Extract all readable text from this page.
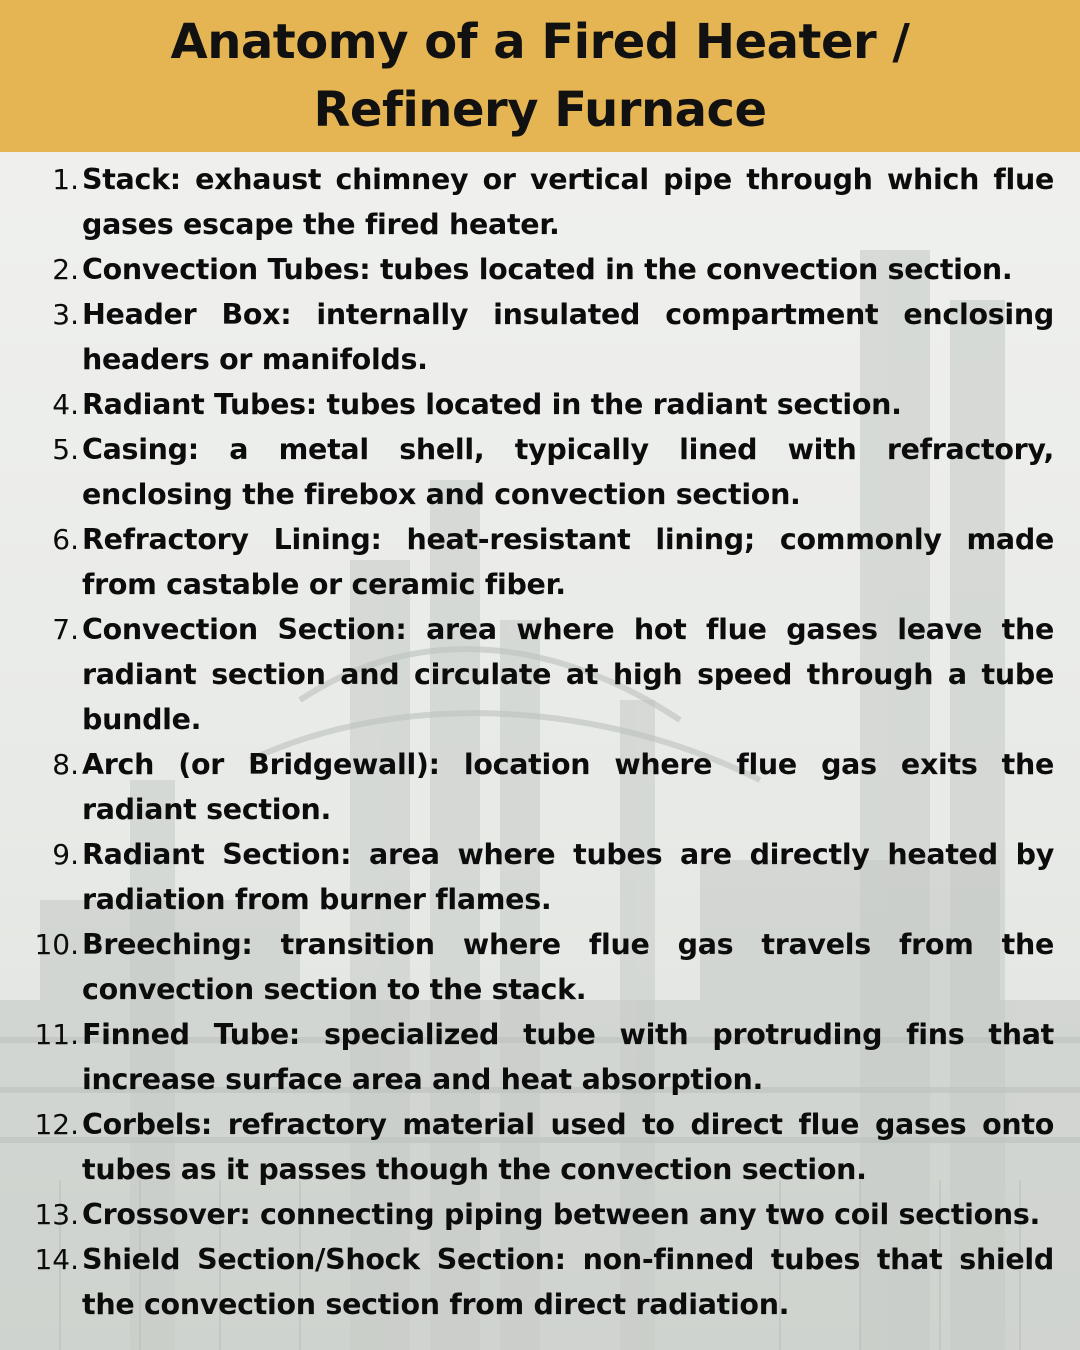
Anatomy of a Fired Heater /
Refinery Furnace
1. Stack: exhaust chimney or vertical pipe through which flue gases escape the fired heater.
2. Convection Tubes: tubes located in the convection section.
3. Header Box: internally insulated compartment enclosing headers or manifolds.
4. Radiant Tubes: tubes located in the radiant section.
5. Casing: a metal shell, typically lined with refractory, enclosing the firebox and convection section.
6. Refractory Lining: heat-resistant lining; commonly made from castable or ceramic fiber.
7. Convection Section: area where hot flue gases leave the radiant section and circulate at high speed through a tube bundle.
8. Arch (or Bridgewall): location where flue gas exits the radiant section.
9. Radiant Section: area where tubes are directly heated by radiation from burner flames.
10. Breeching: transition where flue gas travels from the convection section to the stack.
11. Finned Tube: specialized tube with protruding fins that increase surface area and heat absorption.
12. Corbels: refractory material used to direct flue gases onto tubes as it passes though the convection section.
13. Crossover: connecting piping between any two coil sections.
14. Shield Section/Shock Section: non-finned tubes that shield the convection section from direct radiation.
